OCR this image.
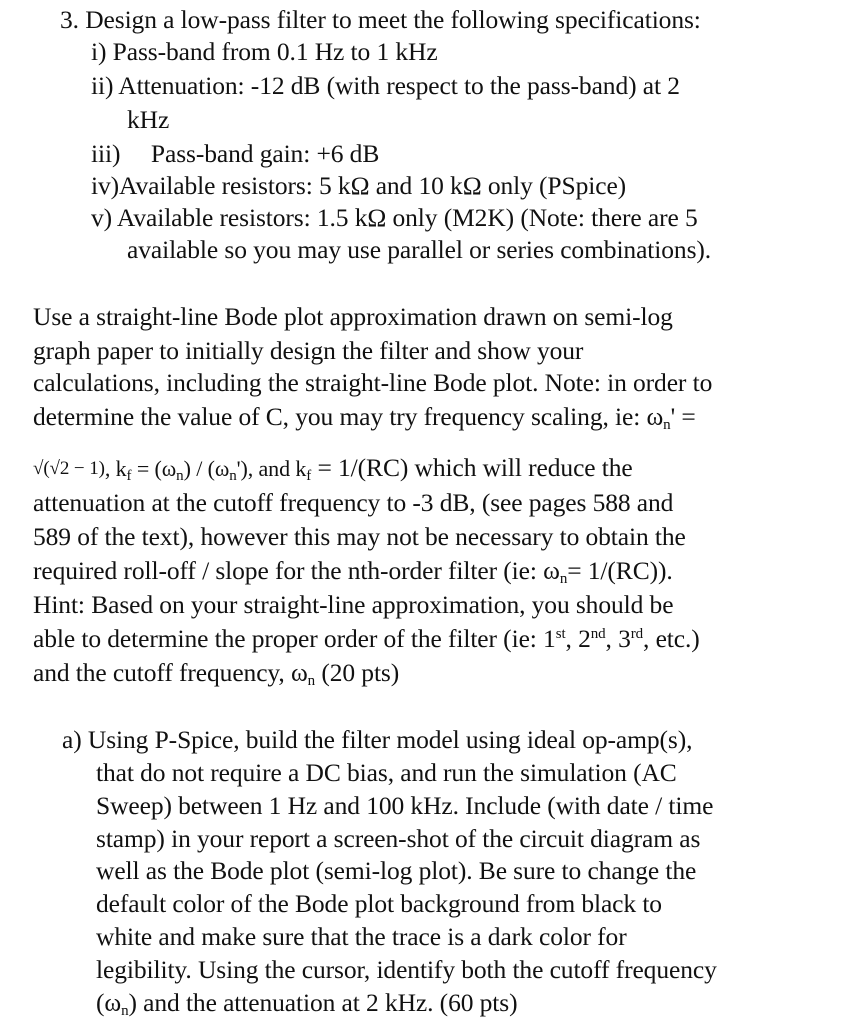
3. Design a low-pass filter to meet the following specifications:
i) Pass-band from 0.1 Hz to 1 kHz
ii) Attenuation: -12 dB (with respect to the pass-band) at 2
kHz
iii) Pass-band gain: +6 dB
iv)Available resistors: 5 kΩ and 10 kΩ only (PSpice)
v) Available resistors: 1.5 kΩ only (M2K) (Note: there are 5
available so you may use parallel or series combinations).
Use a straight-line Bode plot approximation drawn on semi-log
graph paper to initially design the filter and show your
calculations, including the straight-line Bode plot. Note: in order to
determine the value of C, you may try frequency scaling, ie: $\omega_n'$ =
√(√2 − 1), $k_f = (\omega_n) / (\omega_n')$, and $k_f = 1/(RC)$ which will reduce the
attenuation at the cutoff frequency to -3 dB, (see pages 588 and
589 of the text), however this may not be necessary to obtain the
required roll-off / slope for the nth-order filter (ie: $\omega_n= 1/(RC)$).
Hint: Based on your straight-line approximation, you should be
able to determine the proper order of the filter (ie: 1st, 2nd, 3rd, etc.)
and the cutoff frequency, $\omega_n$ (20 pts)
a) Using P-Spice, build the filter model using ideal op-amp(s),
that do not require a DC bias, and run the simulation (AC
Sweep) between 1 Hz and 100 kHz. Include (with date / time
stamp) in your report a screen-shot of the circuit diagram as
well as the Bode plot (semi-log plot). Be sure to change the
default color of the Bode plot background from black to
white and make sure that the trace is a dark color for
legibility. Using the cursor, identify both the cutoff frequency
$(\omega_n)$ and the attenuation at 2 kHz. (60 pts)
